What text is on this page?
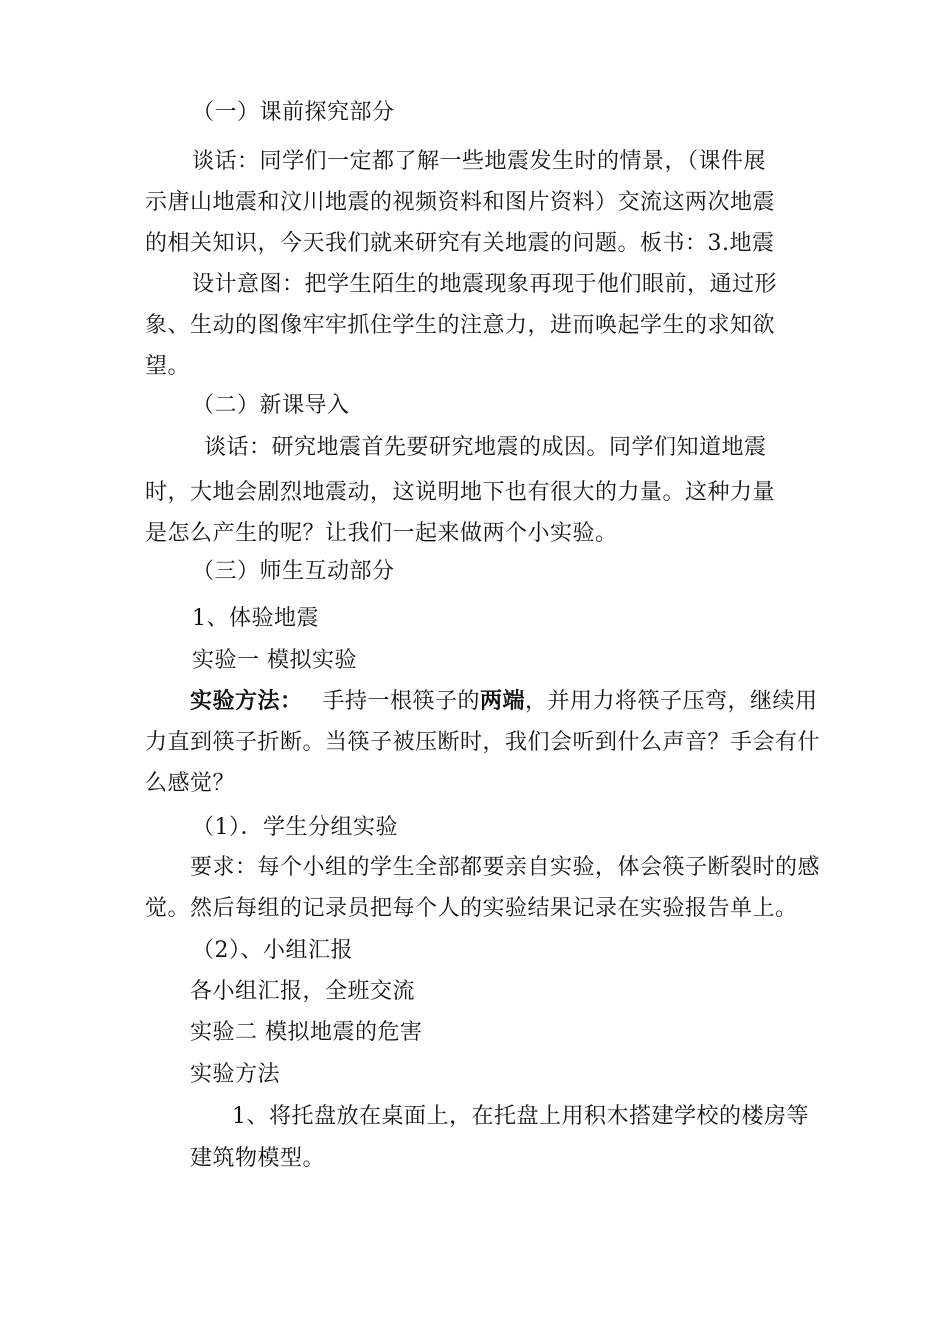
（一）课前探究部分
谈话：同学们一定都了解一些地震发生时的情景，（课件展
示唐山地震和汶川地震的视频资料和图片资料）交流这两次地震
的相关知识，今天我们就来研究有关地震的问题。板书：3.地震
设计意图：把学生陌生的地震现象再现于他们眼前，通过形
象、生动的图像牢牢抓住学生的注意力，进而唤起学生的求知欲
望。
（二）新课导入
谈话：研究地震首先要研究地震的成因。同学们知道地震
时，大地会剧烈地震动，这说明地下也有很大的力量。这种力量
是怎么产生的呢？让我们一起来做两个小实验。
（三）师生互动部分
1、体验地震
实验一 模拟实验
实验方法： 手持一根筷子的两端，并用力将筷子压弯，继续用
力直到筷子折断。当筷子被压断时，我们会听到什么声音？手会有什
么感觉？
（1）．学生分组实验
要求：每个小组的学生全部都要亲自实验，体会筷子断裂时的感
觉。然后每组的记录员把每个人的实验结果记录在实验报告单上。
（2）、小组汇报
各小组汇报，全班交流
实验二 模拟地震的危害
实验方法
1、将托盘放在桌面上，在托盘上用积木搭建学校的楼房等
建筑物模型。
